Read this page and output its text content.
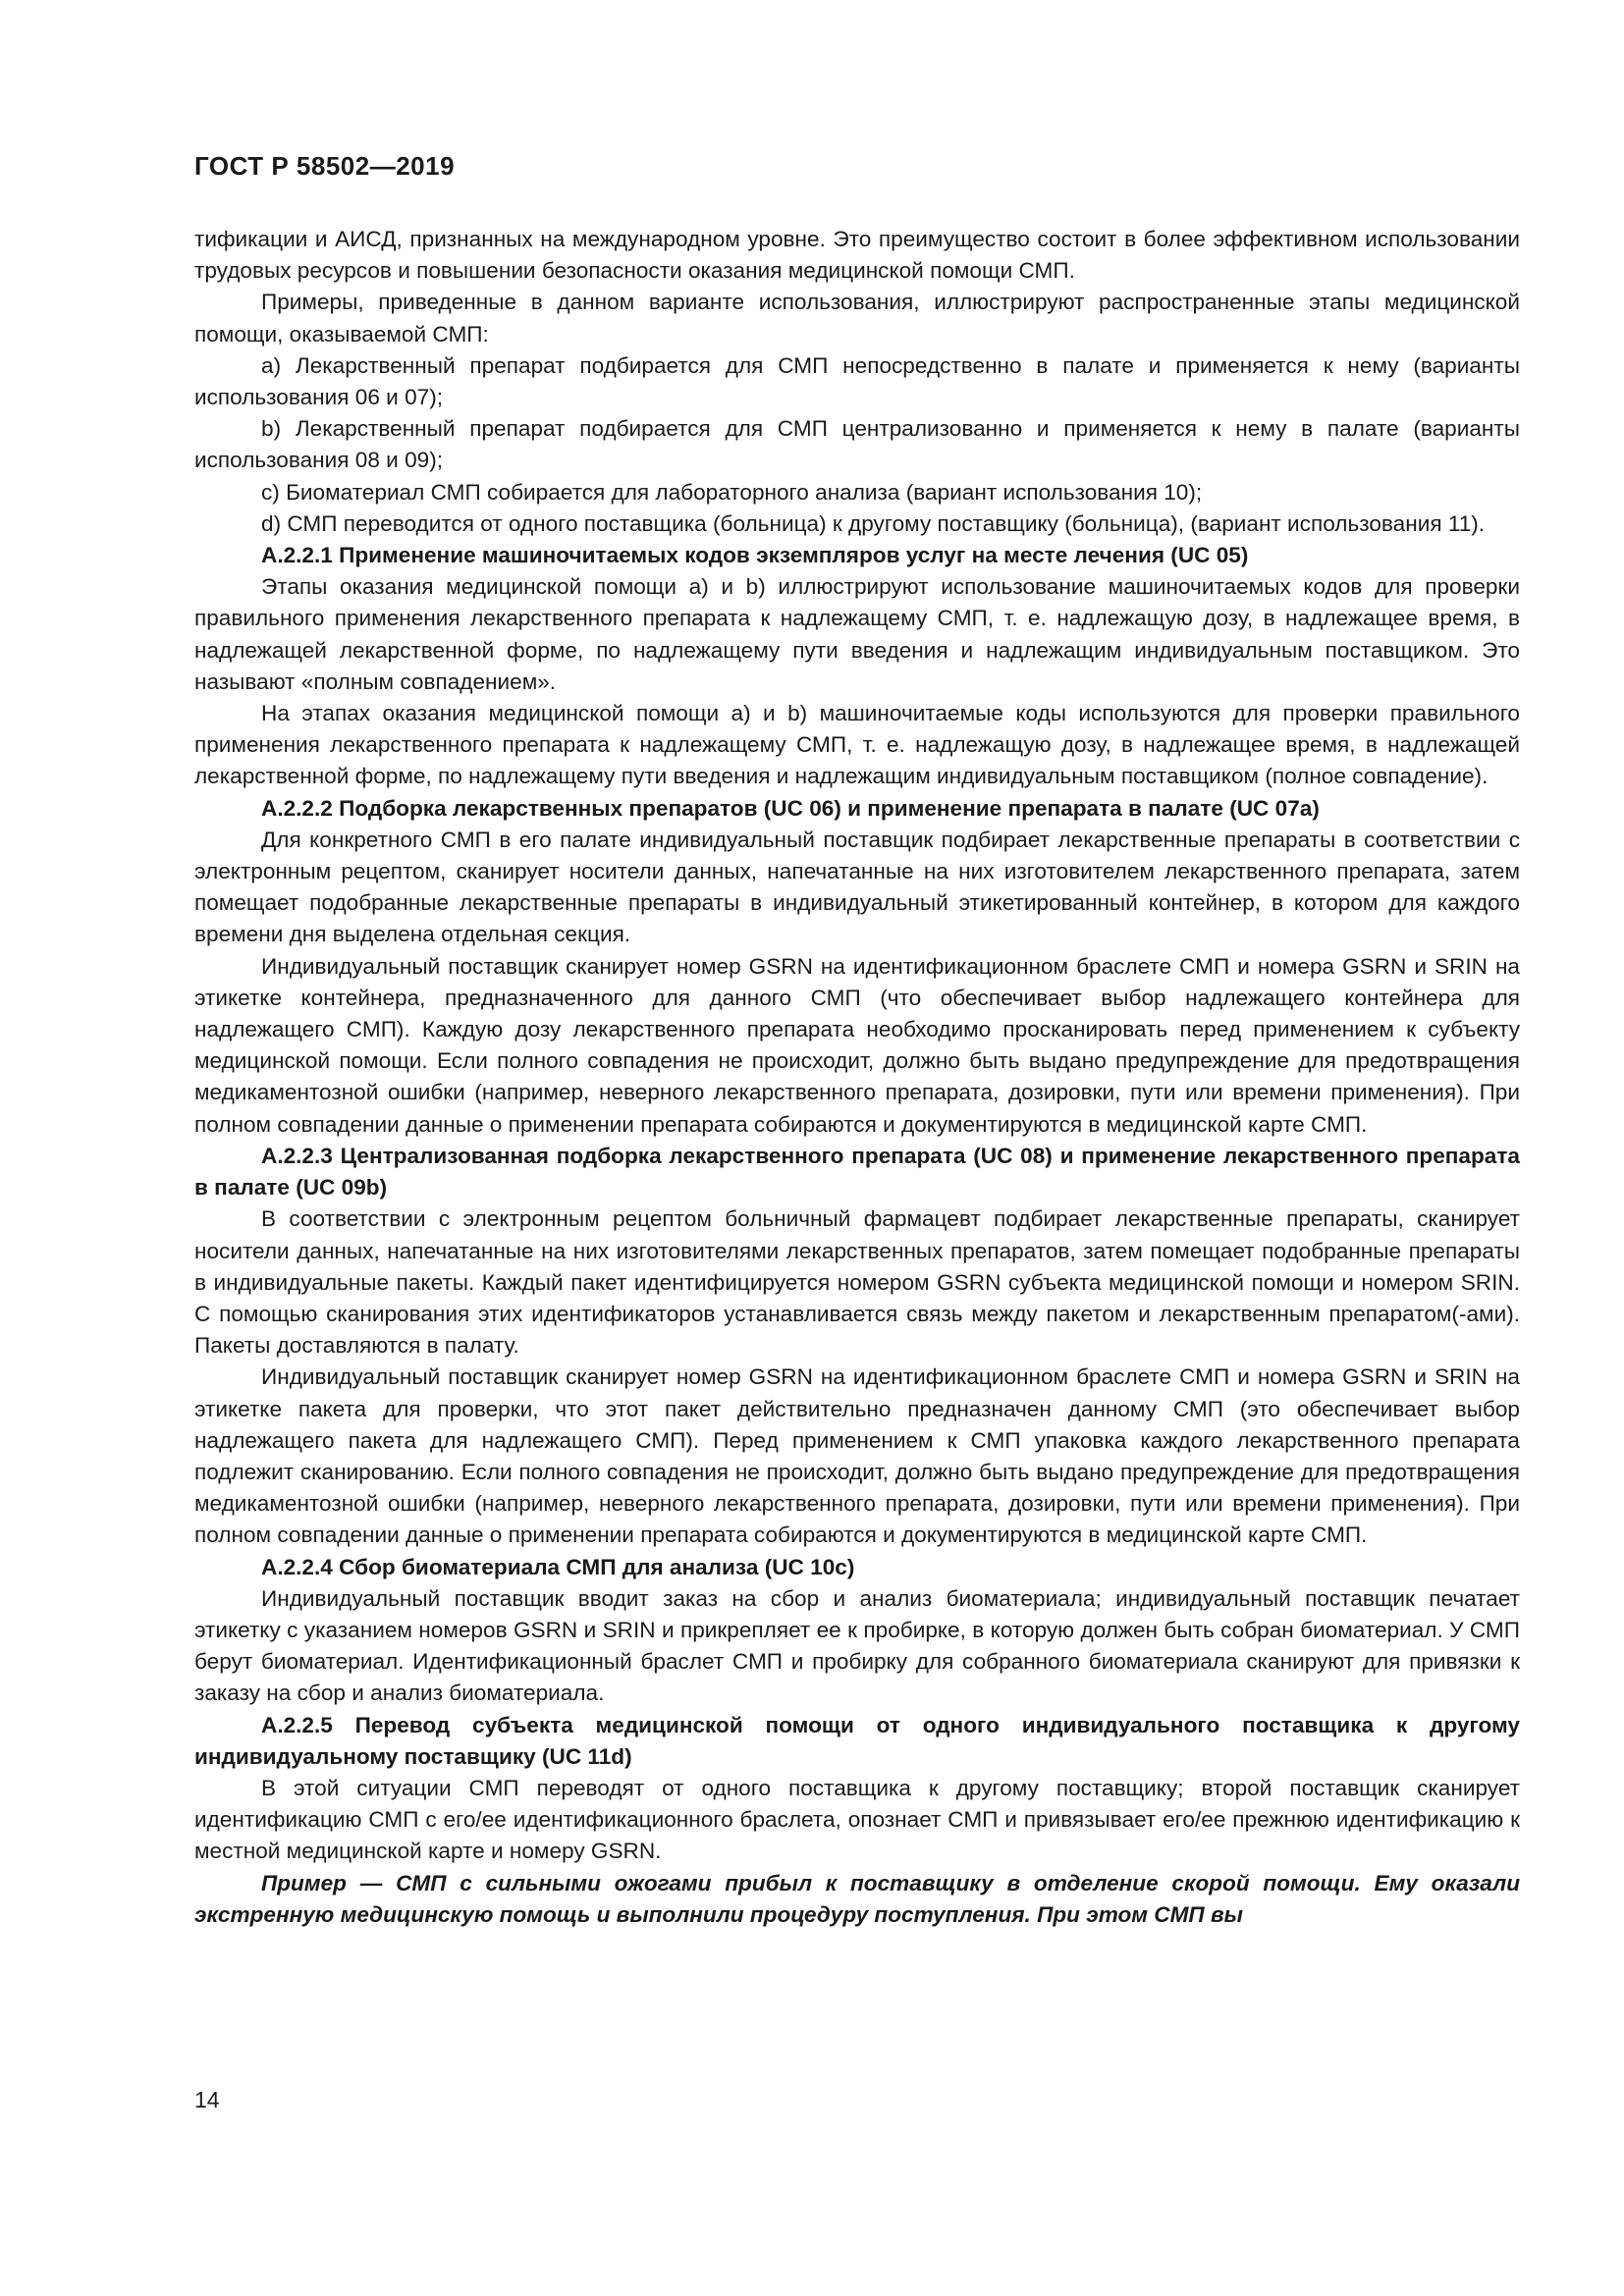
ГОСТ Р 58502—2019

тификации и АИСД, признанных на международном уровне. Это преимущество состоит в более эффективном использовании трудовых ресурсов и повышении безопасности оказания медицинской помощи СМП.

Примеры, приведенные в данном варианте использования, иллюстрируют распространенные этапы медицинской помощи, оказываемой СМП:

a) Лекарственный препарат подбирается для СМП непосредственно в палате и применяется к нему (варианты использования 06 и 07);

b) Лекарственный препарат подбирается для СМП централизованно и применяется к нему в палате (варианты использования 08 и 09);

c) Биоматериал СМП собирается для лабораторного анализа (вариант использования 10);

d) СМП переводится от одного поставщика (больница) к другому поставщику (больница), (вариант использования 11).

A.2.2.1 Применение машиночитаемых кодов экземпляров услуг на месте лечения (UC 05)

Этапы оказания медицинской помощи а) и b) иллюстрируют использование машиночитаемых кодов для проверки правильного применения лекарственного препарата к надлежащему СМП, т. е. надлежащую дозу, в надлежащее время, в надлежащей лекарственной форме, по надлежащему пути введения и надлежащим индивидуальным поставщиком. Это называют «полным совпадением».

На этапах оказания медицинской помощи а) и b) машиночитаемые коды используются для проверки правильного применения лекарственного препарата к надлежащему СМП, т. е. надлежащую дозу, в надлежащее время, в надлежащей лекарственной форме, по надлежащему пути введения и надлежащим индивидуальным поставщиком (полное совпадение).

A.2.2.2 Подборка лекарственных препаратов (UC 06) и применение препарата в палате (UC 07a)

Для конкретного СМП в его палате индивидуальный поставщик подбирает лекарственные препараты в соответствии с электронным рецептом, сканирует носители данных, напечатанные на них изготовителем лекарственного препарата, затем помещает подобранные лекарственные препараты в индивидуальный этикетированный контейнер, в котором для каждого времени дня выделена отдельная секция.

Индивидуальный поставщик сканирует номер GSRN на идентификационном браслете СМП и номера GSRN и SRIN на этикетке контейнера, предназначенного для данного СМП (что обеспечивает выбор надлежащего контейнера для надлежащего СМП). Каждую дозу лекарственного препарата необходимо просканировать перед применением к субъекту медицинской помощи. Если полного совпадения не происходит, должно быть выдано предупреждение для предотвращения медикаментозной ошибки (например, неверного лекарственного препарата, дозировки, пути или времени применения). При полном совпадении данные о применении препарата собираются и документируются в медицинской карте СМП.

A.2.2.3 Централизованная подборка лекарственного препарата (UC 08) и применение лекарственного препарата в палате (UC 09b)

В соответствии с электронным рецептом больничный фармацевт подбирает лекарственные препараты, сканирует носители данных, напечатанные на них изготовителями лекарственных препаратов, затем помещает подобранные препараты в индивидуальные пакеты. Каждый пакет идентифицируется номером GSRN субъекта медицинской помощи и номером SRIN. С помощью сканирования этих идентификаторов устанавливается связь между пакетом и лекарственным препаратом(-ами). Пакеты доставляются в палату.

Индивидуальный поставщик сканирует номер GSRN на идентификационном браслете СМП и номера GSRN и SRIN на этикетке пакета для проверки, что этот пакет действительно предназначен данному СМП (это обеспечивает выбор надлежащего пакета для надлежащего СМП). Перед применением к СМП упаковка каждого лекарственного препарата подлежит сканированию. Если полного совпадения не происходит, должно быть выдано предупреждение для предотвращения медикаментозной ошибки (например, неверного лекарственного препарата, дозировки, пути или времени применения). При полном совпадении данные о применении препарата собираются и документируются в медицинской карте СМП.

A.2.2.4 Сбор биоматериала СМП для анализа (UC 10c)

Индивидуальный поставщик вводит заказ на сбор и анализ биоматериала; индивидуальный поставщик печатает этикетку с указанием номеров GSRN и SRIN и прикрепляет ее к пробирке, в которую должен быть собран биоматериал. У СМП берут биоматериал. Идентификационный браслет СМП и пробирку для собранного биоматериала сканируют для привязки к заказу на сбор и анализ биоматериала.

A.2.2.5 Перевод субъекта медицинской помощи от одного индивидуального поставщика к другому индивидуальному поставщику (UC 11d)

В этой ситуации СМП переводят от одного поставщика к другому поставщику; второй поставщик сканирует идентификацию СМП с его/ее идентификационного браслета, опознает СМП и привязывает его/ее прежнюю идентификацию к местной медицинской карте и номеру GSRN.

Пример — СМП с сильными ожогами прибыл к поставщику в отделение скорой помощи. Ему оказали экстренную медицинскую помощь и выполнили процедуру поступления. При этом СМП вы

14
